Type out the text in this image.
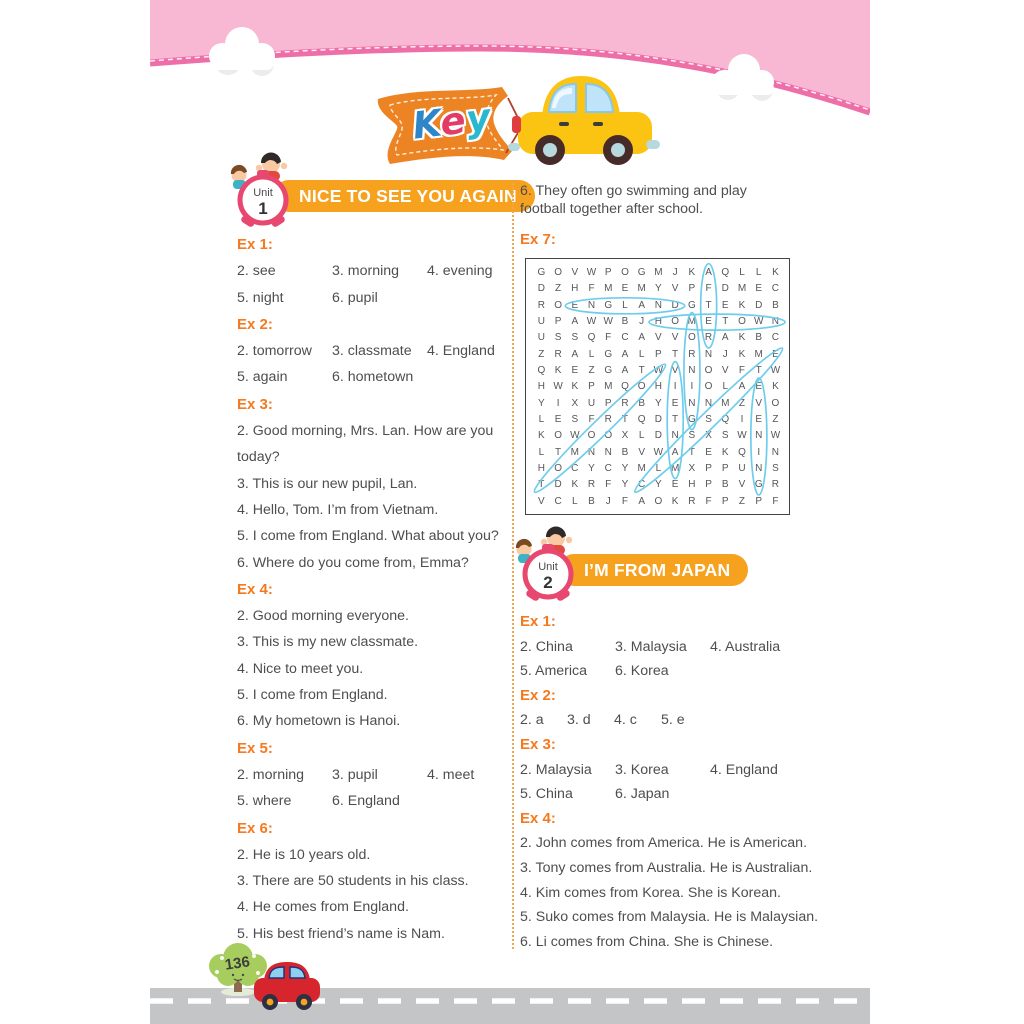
Key
NICE TO SEE YOU AGAIN
Unit
1
Ex 1:
2. see	3. morning	4. evening
5. night	6. pupil
Ex 2:
2. tomorrow	3. classmate	4. England
5. again	6. hometown
Ex 3:
2. Good morning, Mrs. Lan. How are you today?
3. This is our new pupil, Lan.
4. Hello, Tom. I’m from Vietnam.
5. I come from England. What about you?
6. Where do you come from, Emma?
Ex 4:
2. Good morning everyone.
3. This is my new classmate.
4. Nice to meet you.
5. I come from England.
6. My hometown is Hanoi.
Ex 5:
2. morning	3. pupil	4. meet
5. where	6. England
Ex 6:
2. He is 10 years old.
3. There are 50 students in his class.
4. He comes from England.
5. His best friend’s name is Nam.
6. They often go swimming and play football together after school.
Ex 7:
G O V W P O G M	J	K	A Q	L	L	K
D	Z	H	F M E M Y	V	P	F	D M E C
R O E N G	L	A N D G T	E	K D B
U P	A W W B	J	H O M E	T O W N
U S	S Q F	C A	V	V O R A	K	B C
Z	R A	L	G A	L	P	T	R N	J	K M E
Q K	E	Z G A	T W V N O V	F	T W
H W K	P M Q O H	I	I	O	L	A	E	K
Y	I	X U P R B	Y	E N N M Z	V O
L	E	S	F	R	T Q D	T G S Q	I	E	Z
K O W O O X	L	D N S	X	S W N W
L	T M N N B	V W A	T	E	K Q	I	N
H O C Y C Y M L M X	P	P U N S
T	D K R	F	Y C Y	E H P	B	V G R
V C	L	B	J	F	A O K R	F	P	Z	P	F
I’M FROM JAPAN
Unit
2
Ex 1:
2. China	3. Malaysia	4. Australia
5. America	6. Korea
Ex 2:
2. a	3. d	4. c	5. e
Ex 3:
2. Malaysia	3. Korea	4. England
5. China	6. Japan
Ex 4:
2. John comes from America. He is American.
3. Tony comes from Australia. He is Australian.
4. Kim comes from Korea. She is Korean.
5. Suko comes from Malaysia. He is Malaysian.
6. Li comes from China. She is Chinese.
136
